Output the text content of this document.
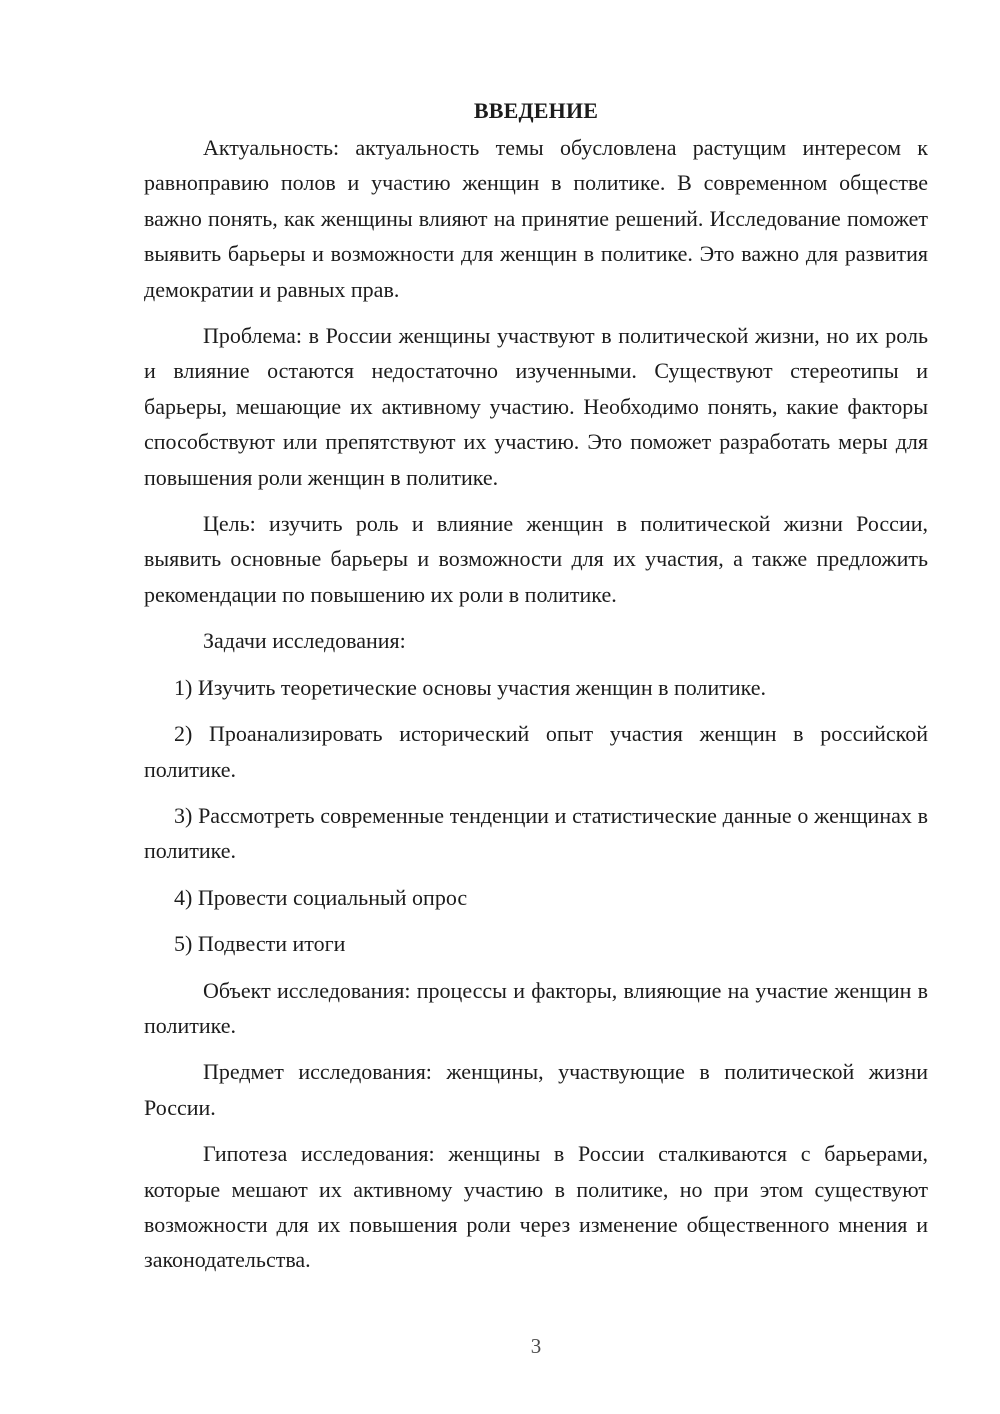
ВВЕДЕНИЕ

Актуальность: актуальность темы обусловлена растущим интересом к равноправию полов и участию женщин в политике. В современном обществе важно понять, как женщины влияют на принятие решений. Исследование поможет выявить барьеры и возможности для женщин в политике. Это важно для развития демократии и равных прав.

Проблема: в России женщины участвуют в политической жизни, но их роль и влияние остаются недостаточно изученными. Существуют стереотипы и барьеры, мешающие их активному участию. Необходимо понять, какие факторы способствуют или препятствуют их участию. Это поможет разработать меры для повышения роли женщин в политике.

Цель: изучить роль и влияние женщин в политической жизни России, выявить основные барьеры и возможности для их участия, а также предложить рекомендации по повышению их роли в политике.

Задачи исследования:

1) Изучить теоретические основы участия женщин в политике.

2) Проанализировать исторический опыт участия женщин в российской политике.

3) Рассмотреть современные тенденции и статистические данные о женщинах в политике.

4) Провести социальный опрос

5) Подвести итоги

Объект исследования: процессы и факторы, влияющие на участие женщин в политике.

Предмет исследования: женщины, участвующие в политической жизни России.

Гипотеза исследования: женщины в России сталкиваются с барьерами, которые мешают их активному участию в политике, но при этом существуют возможности для их повышения роли через изменение общественного мнения и законодательства.

3
